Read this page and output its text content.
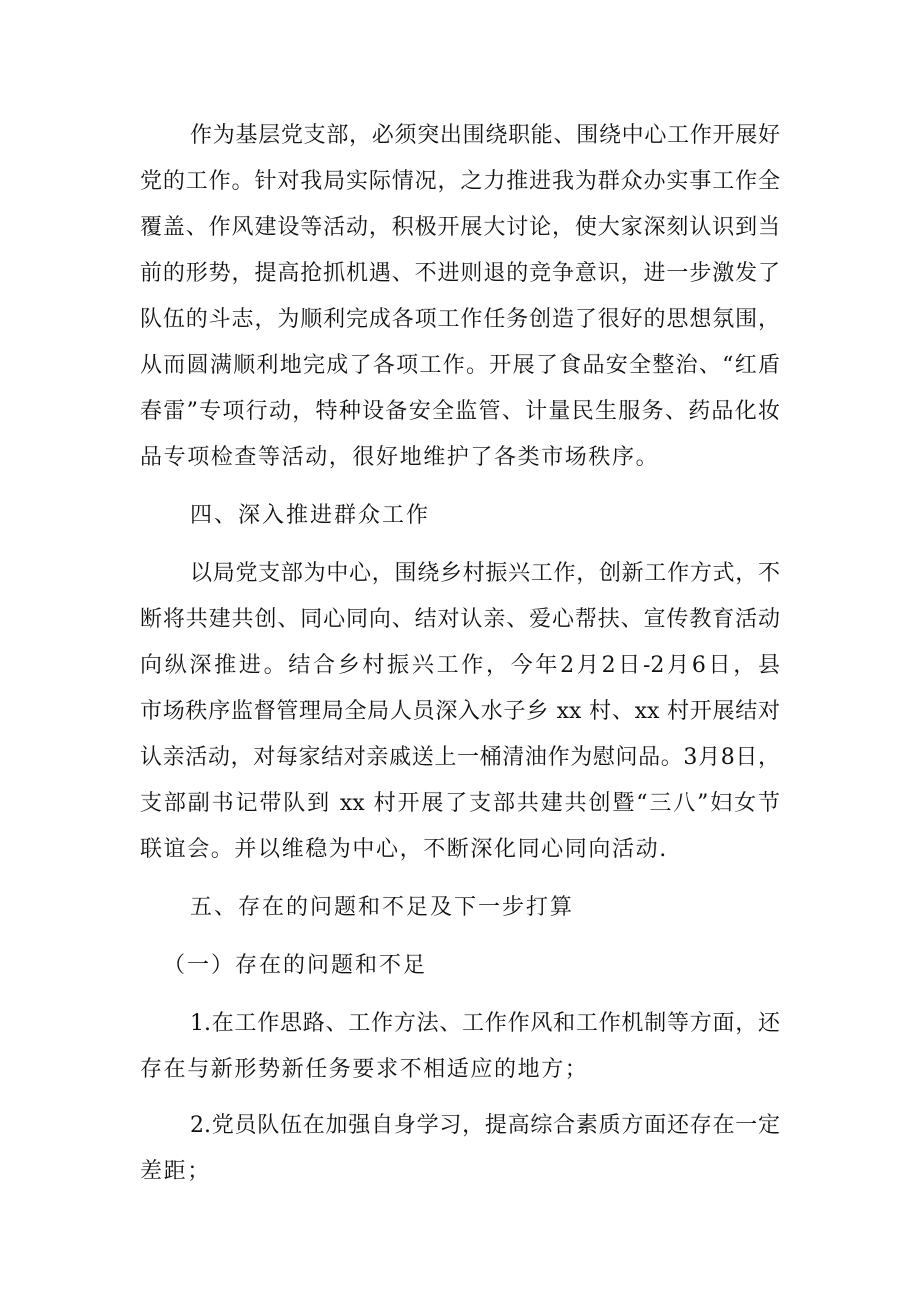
作为基层党支部，必须突出围绕职能、围绕中心工作开展好
党的工作。针对我局实际情况，之力推进我为群众办实事工作全
覆盖、作风建设等活动，积极开展大讨论，使大家深刻认识到当
前的形势，提高抢抓机遇、不进则退的竞争意识，进一步激发了
队伍的斗志，为顺利完成各项工作任务创造了很好的思想氛围，
从而圆满顺利地完成了各项工作。开展了食品安全整治、“红盾
春雷”专项行动，特种设备安全监管、计量民生服务、药品化妆
品专项检查等活动，很好地维护了各类市场秩序。
四、深入推进群众工作
以局党支部为中心，围绕乡村振兴工作，创新工作方式，不
断将共建共创、同心同向、结对认亲、爱心帮扶、宣传教育活动
向纵深推进。结合乡村振兴工作，今年2月2日-2月6日，县
市场秩序监督管理局全局人员深入水子乡 xx 村、xx 村开展结对
认亲活动，对每家结对亲戚送上一桶清油作为慰问品。3月8日，
支部副书记带队到 xx 村开展了支部共建共创暨“三八”妇女节
联谊会。并以维稳为中心，不断深化同心同向活动.
五、存在的问题和不足及下一步打算
（一）存在的问题和不足
1.在工作思路、工作方法、工作作风和工作机制等方面，还
存在与新形势新任务要求不相适应的地方；
2.党员队伍在加强自身学习，提高综合素质方面还存在一定
差距；
